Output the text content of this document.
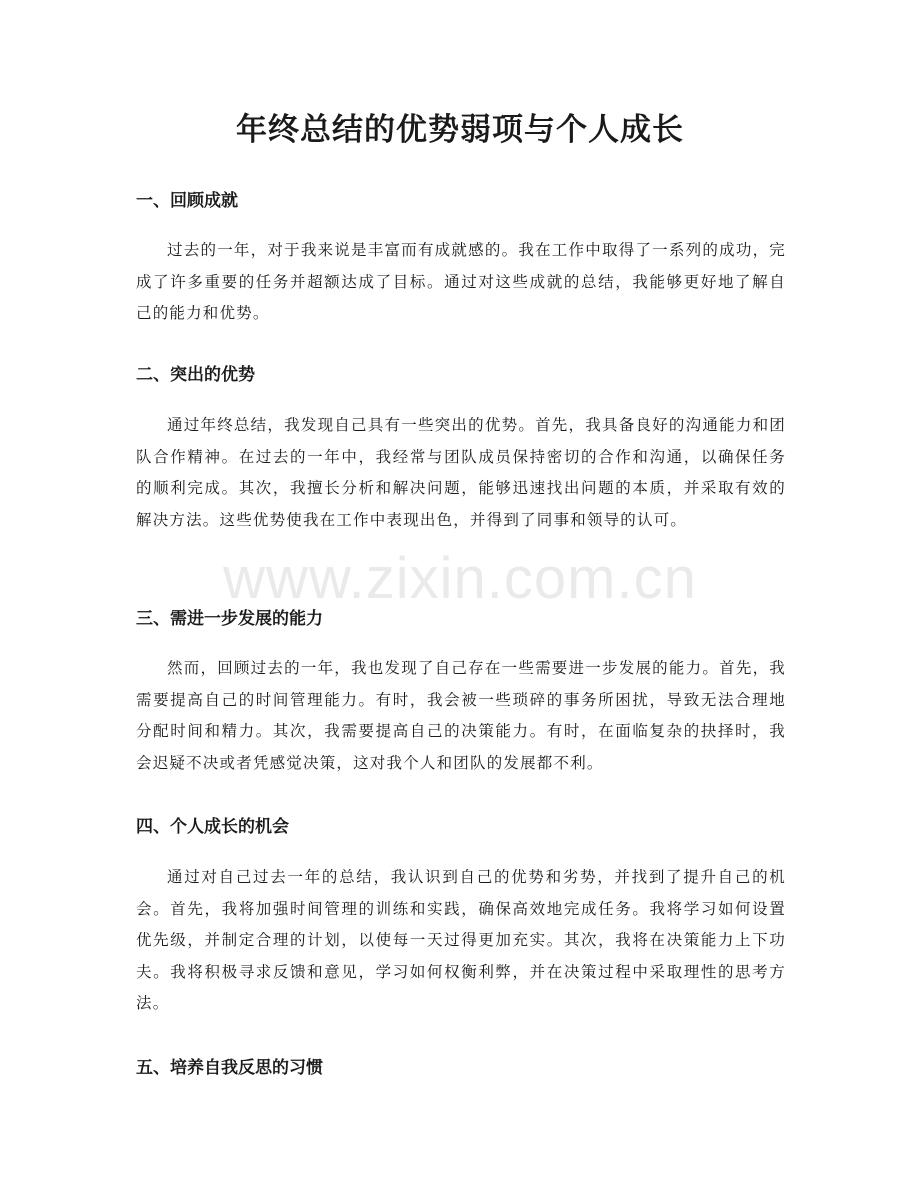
年终总结的优势弱项与个人成长
一、回顾成就

过去的一年，对于我来说是丰富而有成就感的。我在工作中取得了一系列的成功，完成了许多重要的任务并超额达成了目标。通过对这些成就的总结，我能够更好地了解自己的能力和优势。

二、突出的优势

通过年终总结，我发现自己具有一些突出的优势。首先，我具备良好的沟通能力和团队合作精神。在过去的一年中，我经常与团队成员保持密切的合作和沟通，以确保任务的顺利完成。其次，我擅长分析和解决问题，能够迅速找出问题的本质，并采取有效的解决方法。这些优势使我在工作中表现出色，并得到了同事和领导的认可。

三、需进一步发展的能力

然而，回顾过去的一年，我也发现了自己存在一些需要进一步发展的能力。首先，我需要提高自己的时间管理能力。有时，我会被一些琐碎的事务所困扰，导致无法合理地分配时间和精力。其次，我需要提高自己的决策能力。有时，在面临复杂的抉择时，我会迟疑不决或者凭感觉决策，这对我个人和团队的发展都不利。

四、个人成长的机会

通过对自己过去一年的总结，我认识到自己的优势和劣势，并找到了提升自己的机会。首先，我将加强时间管理的训练和实践，确保高效地完成任务。我将学习如何设置优先级，并制定合理的计划，以使每一天过得更加充实。其次，我将在决策能力上下功夫。我将积极寻求反馈和意见，学习如何权衡利弊，并在决策过程中采取理性的思考方法。

五、培养自我反思的习惯
www.zixin.com.cn
